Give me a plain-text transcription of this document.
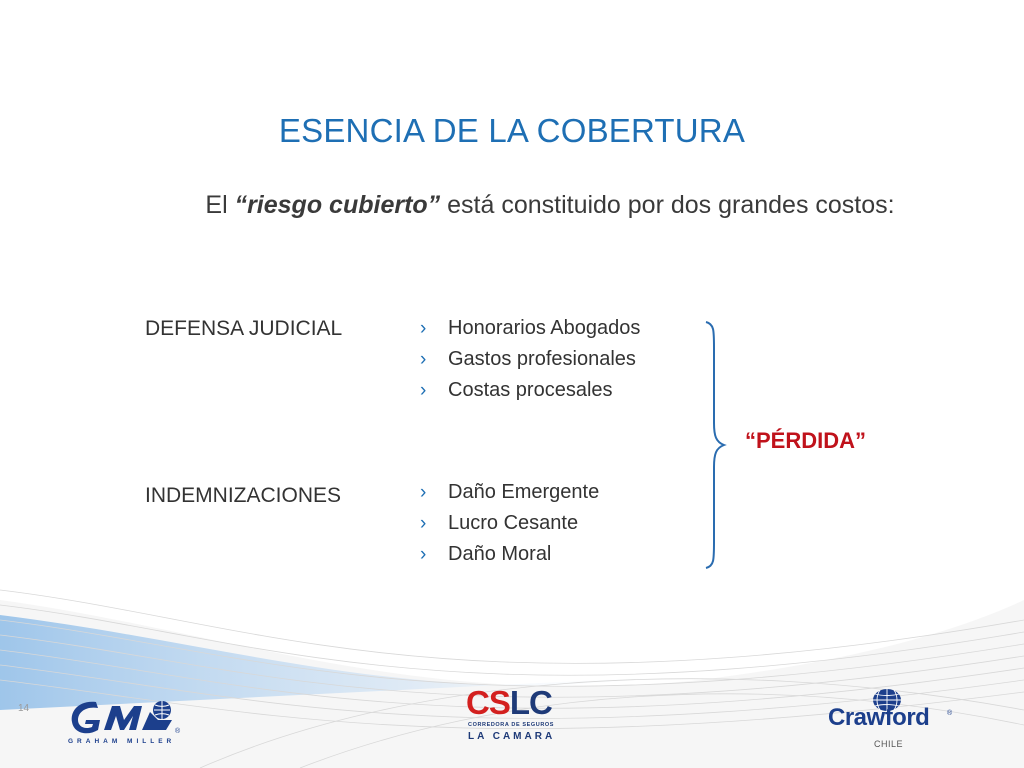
ESENCIA DE LA COBERTURA
El “riesgo cubierto” está constituido por dos grandes costos:
DEFENSA JUDICIAL	› Honorarios Abogados
› Gastos profesionales
› Costas procesales
INDEMNIZACIONES	› Daño Emergente
› Lucro Cesante
› Daño Moral
“PÉRDIDA”
14
GRAHAM MILLER
®
CSLC
CORREDORA DE SEGUROS
LA CAMARA
Crawford	®
CHILE
